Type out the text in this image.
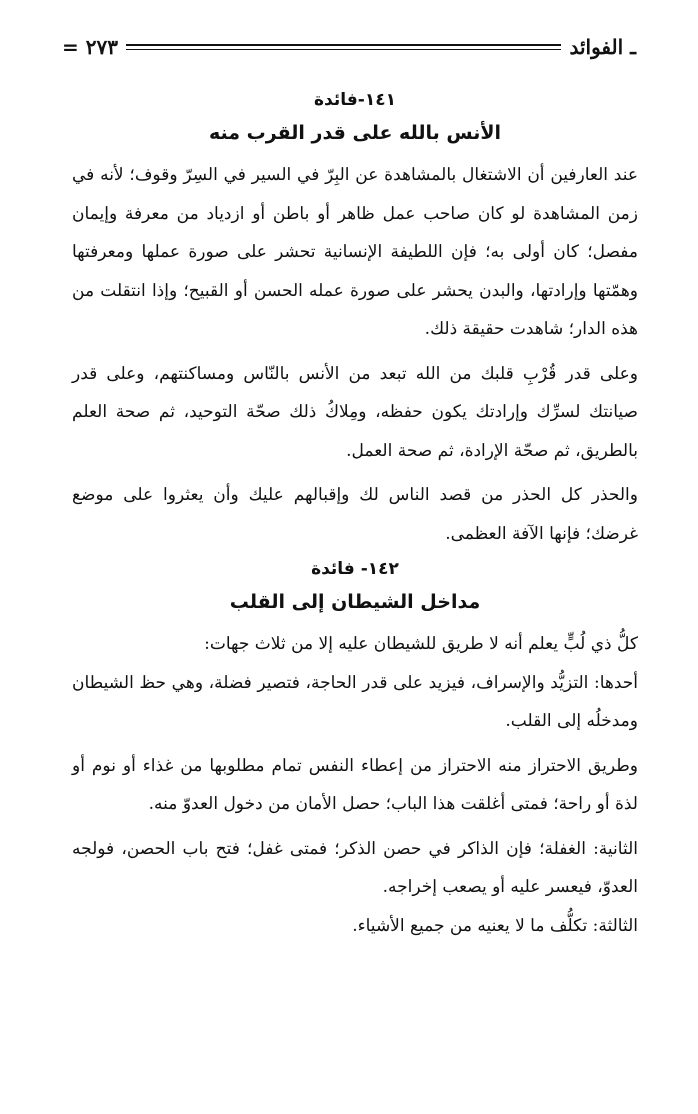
ـ الفوائد
٢٧٣ =
١٤١-فائدة
الأنس بالله على قدر القرب منه

عند العارفين أن الاشتغال بالمشاهدة عن البِرّ في السير في السِرّ وقوف؛ لأنه في زمن المشاهدة لو كان صاحب عمل ظاهر أو باطن أو ازدياد من معرفة وإيمان مفصل؛ كان أولى به؛ فإن اللطيفة الإنسانية تحشر على صورة عملها ومعرفتها وهمّتها وإرادتها، والبدن يحشر على صورة عمله الحسن أو القبيح؛ وإذا انتقلت من هذه الدار؛ شاهدت حقيقة ذلك.

وعلى قدر قُرْبِ قلبك من الله تبعد من الأنس بالنّاس ومساكنتهم، وعلى قدر صيانتك لسرِّك وإرادتك يكون حفظه، ومِلاكُ ذلك صحّة التوحيد، ثم صحة العلم بالطريق، ثم صحّة الإرادة، ثم صحة العمل.

والحذر كل الحذر من قصد الناس لك وإقبالهم عليك وأن يعثروا على موضع غرضك؛ فإنها الآفة العظمى.

١٤٢- فائدة
مداخل الشيطان إلى القلب

كلُّ ذي لُبٍّ يعلم أنه لا طريق للشيطان عليه إلا من ثلاث جهات:

أحدها: التزيُّد والإسراف، فيزيد على قدر الحاجة، فتصير فضلة، وهي حظ الشيطان ومدخلُه إلى القلب.

وطريق الاحتراز منه الاحتراز من إعطاء النفس تمام مطلوبها من غذاء أو نوم أو لذة أو راحة؛ فمتى أغلقت هذا الباب؛ حصل الأمان من دخول العدوّ منه.

الثانية: الغفلة؛ فإن الذاكر في حصن الذكر؛ فمتى غفل؛ فتح باب الحصن، فولجه العدوّ، فيعسر عليه أو يصعب إخراجه.

الثالثة: تكلُّف ما لا يعنيه من جميع الأشياء.
